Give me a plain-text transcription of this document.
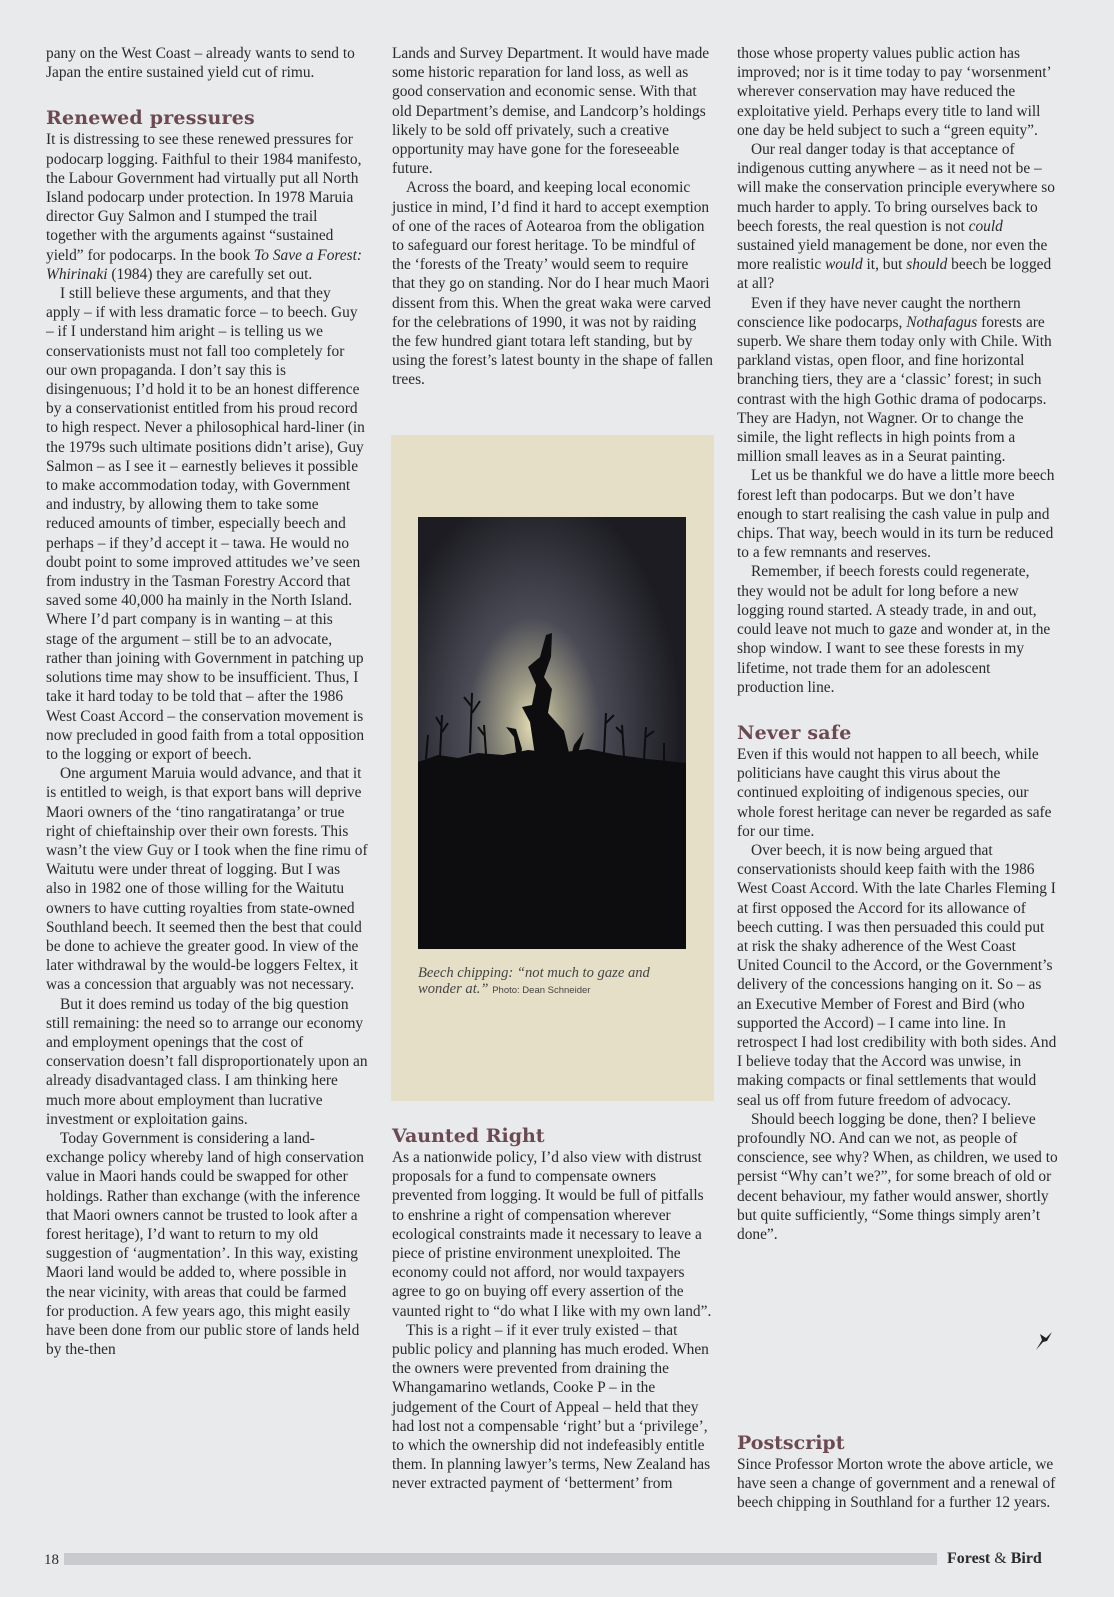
pany on the West Coast – already wants to send to Japan the entire sustained yield cut of rimu.

Renewed pressures

It is distressing to see these renewed pressures for podocarp logging. Faithful to their 1984 manifesto, the Labour Government had virtually put all North Island podocarp under protection. In 1978 Maruia director Guy Salmon and I stumped the trail together with the arguments against “sustained yield” for podocarps. In the book To Save a Forest: Whirinaki (1984) they are carefully set out.

I still believe these arguments, and that they apply – if with less dramatic force – to beech. Guy – if I understand him aright – is telling us we conservationists must not fall too completely for our own propaganda. I don’t say this is disingenuous; I’d hold it to be an honest difference by a conservationist entitled from his proud record to high respect. Never a philosophical hard-liner (in the 1979s such ultimate positions didn’t arise), Guy Salmon – as I see it – earnestly believes it possible to make accommodation today, with Government and industry, by allowing them to take some reduced amounts of timber, especially beech and perhaps – if they’d accept it – tawa. He would no doubt point to some improved attitudes we’ve seen from industry in the Tasman Forestry Accord that saved some 40,000 ha mainly in the North Island. Where I’d part company is in wanting – at this stage of the argument – still be to an advocate, rather than joining with Government in patching up solutions time may show to be insufficient. Thus, I take it hard today to be told that – after the 1986 West Coast Accord – the conservation movement is now precluded in good faith from a total opposition to the logging or export of beech.

One argument Maruia would advance, and that it is entitled to weigh, is that export bans will deprive Maori owners of the ‘tino rangatiratanga’ or true right of chieftainship over their own forests. This wasn’t the view Guy or I took when the fine rimu of Waitutu were under threat of logging. But I was also in 1982 one of those willing for the Waitutu owners to have cutting royalties from state-owned Southland beech. It seemed then the best that could be done to achieve the greater good. In view of the later withdrawal by the would-be loggers Feltex, it was a concession that arguably was not necessary.

But it does remind us today of the big question still remaining: the need so to arrange our economy and employment openings that the cost of conservation doesn’t fall disproportionately upon an already disadvantaged class. I am thinking here much more about employment than lucrative investment or exploitation gains.

Today Government is considering a land-exchange policy whereby land of high conservation value in Maori hands could be swapped for other holdings. Rather than exchange (with the inference that Maori owners cannot be trusted to look after a forest heritage), I’d want to return to my old suggestion of ‘augmentation’. In this way, existing Maori land would be added to, where possible in the near vicinity, with areas that could be farmed for production. A few years ago, this might easily have been done from our public store of lands held by the-then

Lands and Survey Department. It would have made some historic reparation for land loss, as well as good conservation and economic sense. With that old Department’s demise, and Landcorp’s holdings likely to be sold off privately, such a creative opportunity may have gone for the foreseeable future.

Across the board, and keeping local economic justice in mind, I’d find it hard to accept exemption of one of the races of Aotearoa from the obligation to safeguard our forest heritage. To be mindful of the ‘forests of the Treaty’ would seem to require that they go on standing. Nor do I hear much Maori dissent from this. When the great waka were carved for the celebrations of 1990, it was not by raiding the few hundred giant totara left standing, but by using the forest’s latest bounty in the shape of fallen trees.

Beech chipping: “not much to gaze and wonder at.” Photo: Dean Schneider
Vaunted Right

As a nationwide policy, I’d also view with distrust proposals for a fund to compensate owners prevented from logging. It would be full of pitfalls to enshrine a right of compensation wherever ecological constraints made it necessary to leave a piece of pristine environment unexploited. The economy could not afford, nor would taxpayers agree to go on buying off every assertion of the vaunted right to “do what I like with my own land”.

This is a right – if it ever truly existed – that public policy and planning has much eroded. When the owners were prevented from draining the Whangamarino wetlands, Cooke P – in the judgement of the Court of Appeal – held that they had lost not a compensable ‘right’ but a ‘privilege’, to which the ownership did not indefeasibly entitle them. In planning lawyer’s terms, New Zealand has never extracted payment of ‘betterment’ from

those whose property values public action has improved; nor is it time today to pay ‘worsenment’ wherever conservation may have reduced the exploitative yield. Perhaps every title to land will one day be held subject to such a “green equity”.

Our real danger today is that acceptance of indigenous cutting anywhere – as it need not be – will make the conservation principle everywhere so much harder to apply. To bring ourselves back to beech forests, the real question is not could sustained yield management be done, nor even the more realistic would it, but should beech be logged at all?

Even if they have never caught the northern conscience like podocarps, Nothafagus forests are superb. We share them today only with Chile. With parkland vistas, open floor, and fine horizontal branching tiers, they are a ‘classic’ forest; in such contrast with the high Gothic drama of podocarps. They are Hadyn, not Wagner. Or to change the simile, the light reflects in high points from a million small leaves as in a Seurat painting.

Let us be thankful we do have a little more beech forest left than podocarps. But we don’t have enough to start realising the cash value in pulp and chips. That way, beech would in its turn be reduced to a few remnants and reserves.

Remember, if beech forests could regenerate, they would not be adult for long before a new logging round started. A steady trade, in and out, could leave not much to gaze and wonder at, in the shop window. I want to see these forests in my lifetime, not trade them for an adolescent production line.

Never safe

Even if this would not happen to all beech, while politicians have caught this virus about the continued exploiting of indigenous species, our whole forest heritage can never be regarded as safe for our time.

Over beech, it is now being argued that conservationists should keep faith with the 1986 West Coast Accord. With the late Charles Fleming I at first opposed the Accord for its allowance of beech cutting. I was then persuaded this could put at risk the shaky adherence of the West Coast United Council to the Accord, or the Government’s delivery of the concessions hanging on it. So – as an Executive Member of Forest and Bird (who supported the Accord) – I came into line. In retrospect I had lost credibility with both sides. And I believe today that the Accord was unwise, in making compacts or final settlements that would seal us off from future freedom of advocacy.

Should beech logging be done, then? I believe profoundly NO. And can we not, as people of conscience, see why? When, as children, we used to persist “Why can’t we?”, for some breach of old or decent behaviour, my father would answer, shortly but quite sufficiently, “Some things simply aren’t done”.

Postscript

Since Professor Morton wrote the above article, we have seen a change of government and a renewal of beech chipping in Southland for a further 12 years.

18	Forest & Bird
